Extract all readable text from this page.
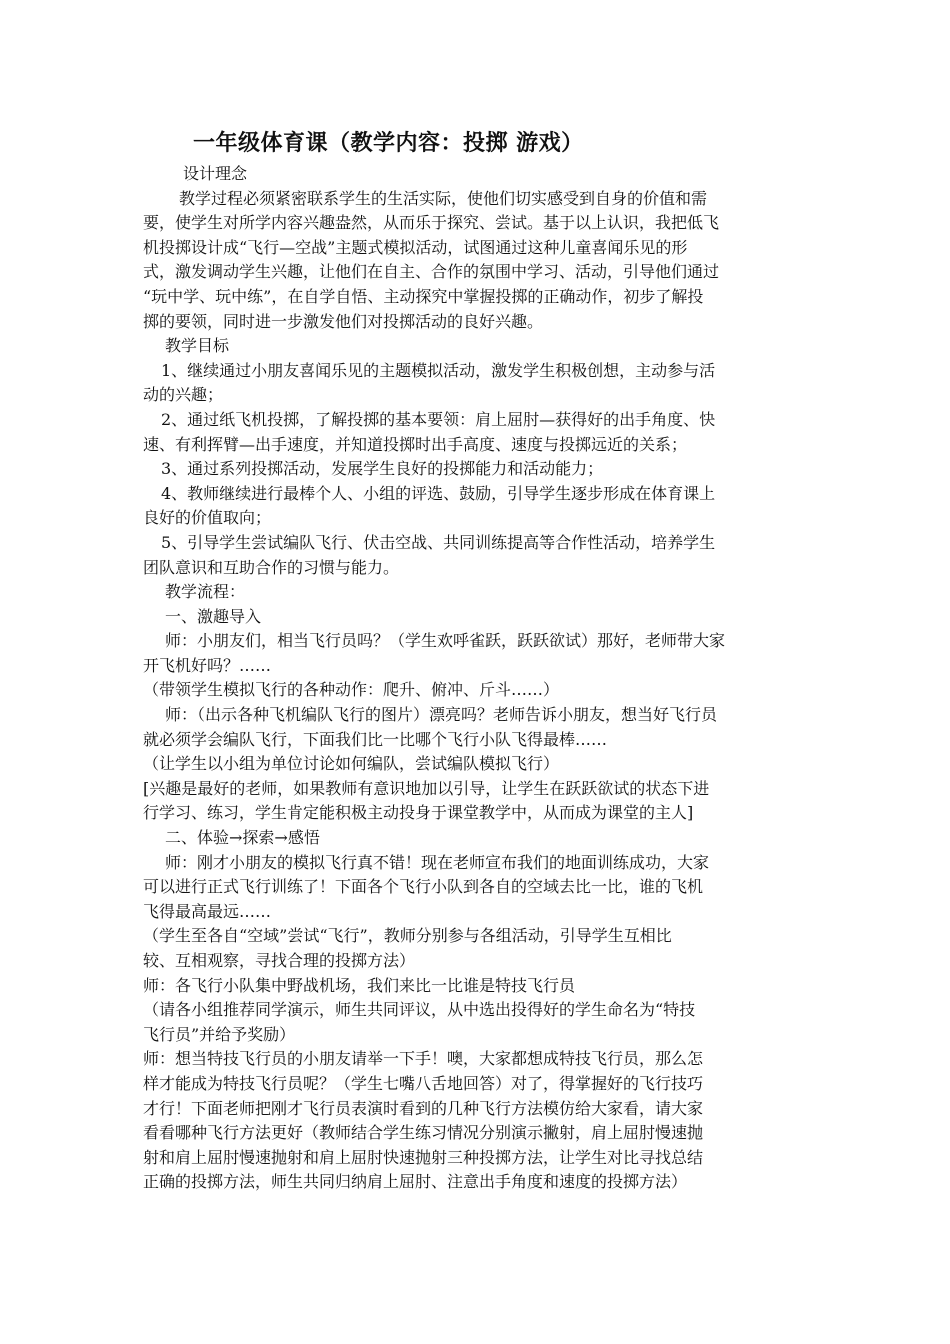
一年级体育课（教学内容：投掷 游戏）

设计理念

教学过程必须紧密联系学生的生活实际，使他们切实感受到自身的价值和需

要，使学生对所学内容兴趣盎然，从而乐于探究、尝试。基于以上认识，我把低飞

机投掷设计成“飞行—空战”主题式模拟活动，试图通过这种儿童喜闻乐见的形

式，激发调动学生兴趣，让他们在自主、合作的氛围中学习、活动，引导他们通过

“玩中学、玩中练”，在自学自悟、主动探究中掌握投掷的正确动作，初步了解投

掷的要领，同时进一步激发他们对投掷活动的良好兴趣。

教学目标

1、继续通过小朋友喜闻乐见的主题模拟活动，激发学生积极创想，主动参与活

动的兴趣；

2、通过纸飞机投掷，了解投掷的基本要领：肩上屈肘—获得好的出手角度、快

速、有利挥臂—出手速度，并知道投掷时出手高度、速度与投掷远近的关系；

3、通过系列投掷活动，发展学生良好的投掷能力和活动能力；

4、教师继续进行最棒个人、小组的评选、鼓励，引导学生逐步形成在体育课上

良好的价值取向；

5、引导学生尝试编队飞行、伏击空战、共同训练提高等合作性活动，培养学生

团队意识和互助合作的习惯与能力。

教学流程：

一、激趣导入

师：小朋友们，相当飞行员吗？（学生欢呼雀跃，跃跃欲试）那好，老师带大家

开飞机好吗？……

（带领学生模拟飞行的各种动作：爬升、俯冲、斤斗……）

师：（出示各种飞机编队飞行的图片）漂亮吗？老师告诉小朋友，想当好飞行员

就必须学会编队飞行，下面我们比一比哪个飞行小队飞得最棒……

（让学生以小组为单位讨论如何编队，尝试编队模拟飞行）

[兴趣是最好的老师，如果教师有意识地加以引导，让学生在跃跃欲试的状态下进

行学习、练习，学生肯定能积极主动投身于课堂教学中，从而成为课堂的主人]

二、体验→探索→感悟

师：刚才小朋友的模拟飞行真不错！现在老师宣布我们的地面训练成功，大家

可以进行正式飞行训练了！下面各个飞行小队到各自的空域去比一比，谁的飞机

飞得最高最远……

（学生至各自“空域”尝试“飞行”，教师分别参与各组活动，引导学生互相比

较、互相观察，寻找合理的投掷方法）

师：各飞行小队集中野战机场，我们来比一比谁是特技飞行员

（请各小组推荐同学演示，师生共同评议，从中选出投得好的学生命名为“特技

飞行员”并给予奖励）

师：想当特技飞行员的小朋友请举一下手！噢，大家都想成特技飞行员，那么怎

样才能成为特技飞行员呢？（学生七嘴八舌地回答）对了，得掌握好的飞行技巧

才行！下面老师把刚才飞行员表演时看到的几种飞行方法模仿给大家看，请大家

看看哪种飞行方法更好（教师结合学生练习情况分别演示撇射，肩上屈肘慢速抛

射和肩上屈肘慢速抛射和肩上屈肘快速抛射三种投掷方法，让学生对比寻找总结

正确的投掷方法，师生共同归纳肩上屈肘、注意出手角度和速度的投掷方法）
